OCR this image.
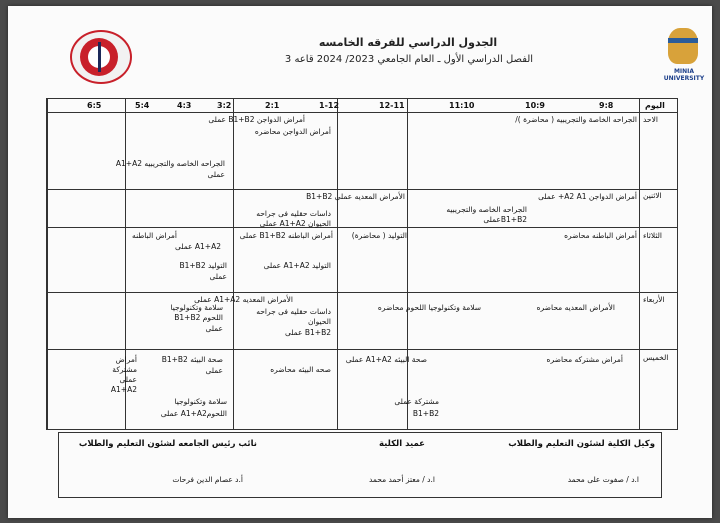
MINIA UNIVERSITY
الجدول الدراسي للفرقه الخامسه
الفصل الدراسي الأول ـ العام الجامعي 2023/ 2024 قاعه 3
اليوم
9:8
10:9
11:10
12-11
1-12
2:1
3:2
4:3
5:4
6:5
الاحد
الاثنين
الثلاثاء
الأربعاء
الخميس
الجراحه الخاصة والتجريبيه ( محاضرة )/
أمراض الدواجن B1+B2 عملى
أمراض الدواجن محاضره
الجراحه الخاصه والتجريبيه A1+A2
عملى
أمراض الدواجن A2 A1+ عملى
الأمراض المعديه عملى B1+B2
الجراحه الخاصه والتجريبيه
B1+B2عملى
داسات حقليه فى جراحه
الحيوان A1+A2 عملى
أمراض الباطنه محاضره
التوليد ( محاضرة)
أمراض الباطنه B1+B2 عملى
أمراض الباطنه
A1+A2 عملى
التوليد A1+A2 عملى
التوليد B1+B2
عملى
الأمراض المعديه محاضره
سلامة وتكنولوجيا اللحوم محاضره
الأمراض المعديه A1+A2 عملى
داسات حقليه فى جراحه
الحيوان
B1+B2 عملى
سلامة وتكنولوجيا
اللحوم B1+B2
عملى
أمراض مشتركه محاضره
صحة البيئه A1+A2 عملى
صحه البيئه محاضره
صحة البيئه B1+B2
عملى
أمراض
مشتركة
عملى
A1+A2
مشتركة عملى
B1+B2
سلامة وتكنولوجيا
اللحومA1+A2 عملى
وكيل الكلية لشئون التعليم والطلاب
ا.د / صفوت على محمد
عميد الكلية
ا.د / معتز أحمد محمد
نائب رئيس الجامعه لشئون التعليم والطلاب
أ.د عصام الدين فرحات
